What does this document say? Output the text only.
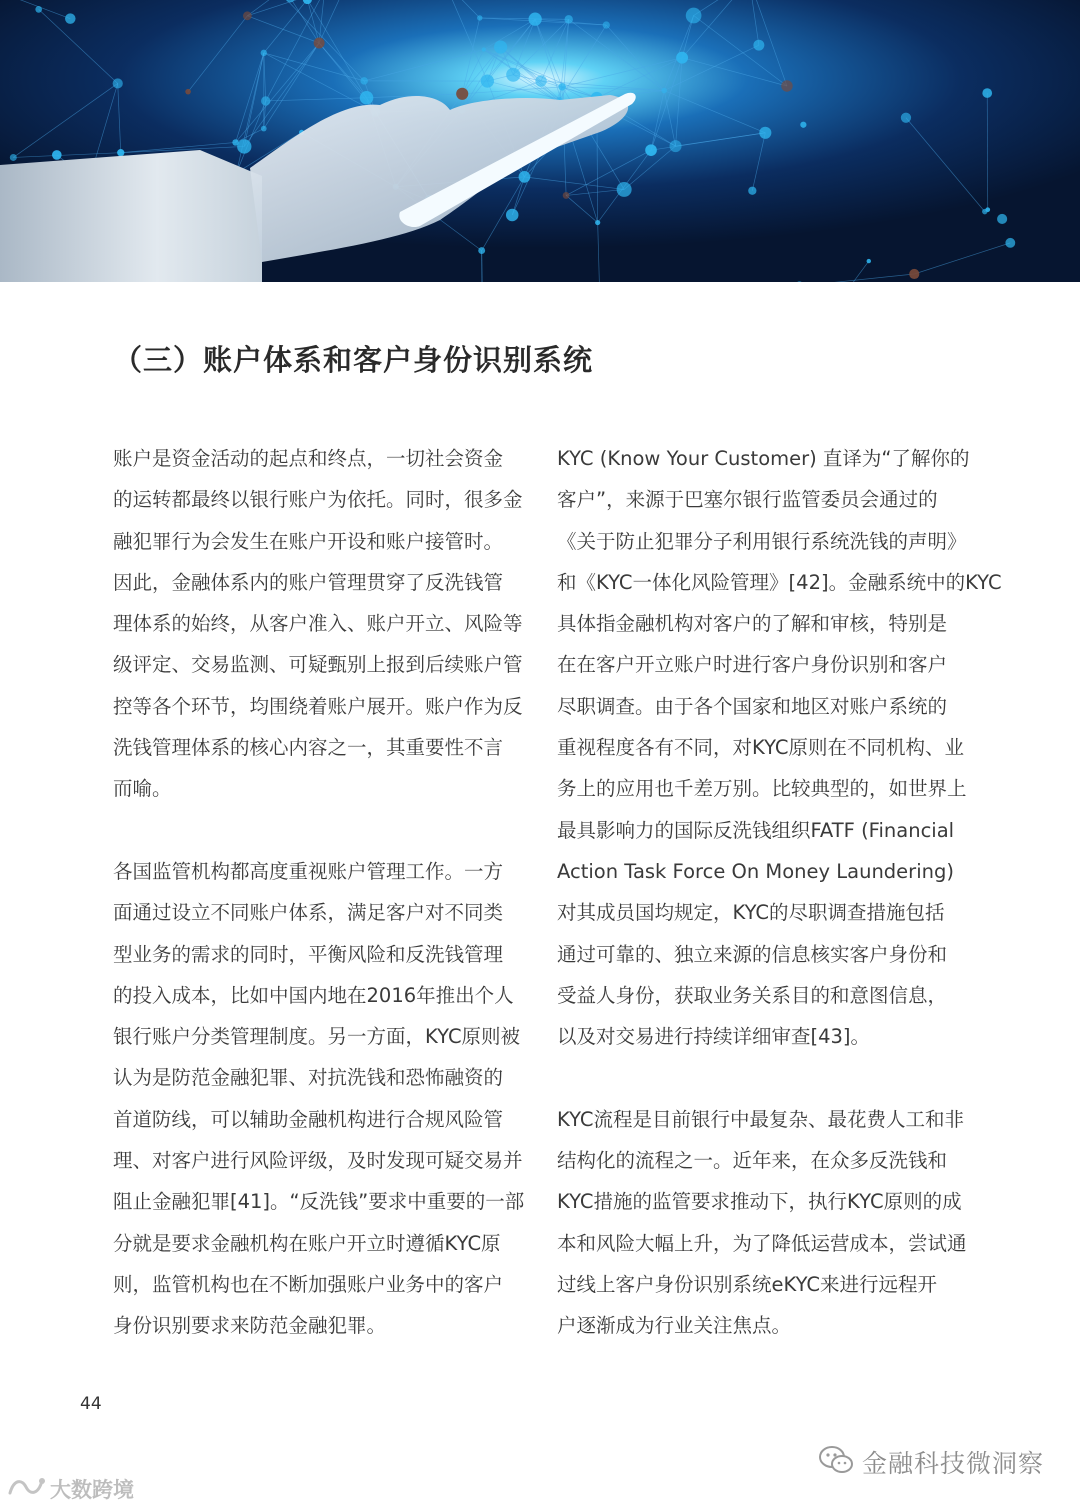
（三）账户体系和客户身份识别系统

账户是资金活动的起点和终点，一切社会资金

的运转都最终以银行账户为依托。同时，很多金

融犯罪行为会发生在账户开设和账户接管时。

因此，金融体系内的账户管理贯穿了反洗钱管

理体系的始终，从客户准入、账户开立、风险等

级评定、交易监测、可疑甄别上报到后续账户管

控等各个环节，均围绕着账户展开。账户作为反

洗钱管理体系的核心内容之一，其重要性不言

而喻。

各国监管机构都高度重视账户管理工作。一方

面通过设立不同账户体系，满足客户对不同类

型业务的需求的同时，平衡风险和反洗钱管理

的投入成本，比如中国内地在2016年推出个人

银行账户分类管理制度。另一方面，KYC原则被

认为是防范金融犯罪、对抗洗钱和恐怖融资的

首道防线，可以辅助金融机构进行合规风险管

理、对客户进行风险评级，及时发现可疑交易并

阻止金融犯罪[41]。“反洗钱”要求中重要的一部

分就是要求金融机构在账户开立时遵循KYC原

则，监管机构也在不断加强账户业务中的客户

身份识别要求来防范金融犯罪。

KYC (Know Your Customer) 直译为“了解你的

客户”，来源于巴塞尔银行监管委员会通过的

《关于防止犯罪分子利用银行系统洗钱的声明》

和《KYC一体化风险管理》[42]。金融系统中的KYC

具体指金融机构对客户的了解和审核，特别是

在在客户开立账户时进行客户身份识别和客户

尽职调查。由于各个国家和地区对账户系统的

重视程度各有不同，对KYC原则在不同机构、业

务上的应用也千差万别。比较典型的，如世界上

最具影响力的国际反洗钱组织FATF (Financial

Action Task Force On Money Laundering)

对其成员国均规定，KYC的尽职调查措施包括

通过可靠的、独立来源的信息核实客户身份和

受益人身份，获取业务关系目的和意图信息，

以及对交易进行持续详细审查[43]。

KYC流程是目前银行中最复杂、最花费人工和非

结构化的流程之一。近年来，在众多反洗钱和

KYC措施的监管要求推动下，执行KYC原则的成

本和风险大幅上升，为了降低运营成本，尝试通

过线上客户身份识别系统eKYC来进行远程开

户逐渐成为行业关注焦点。

44
金融科技微洞察
大数跨境
